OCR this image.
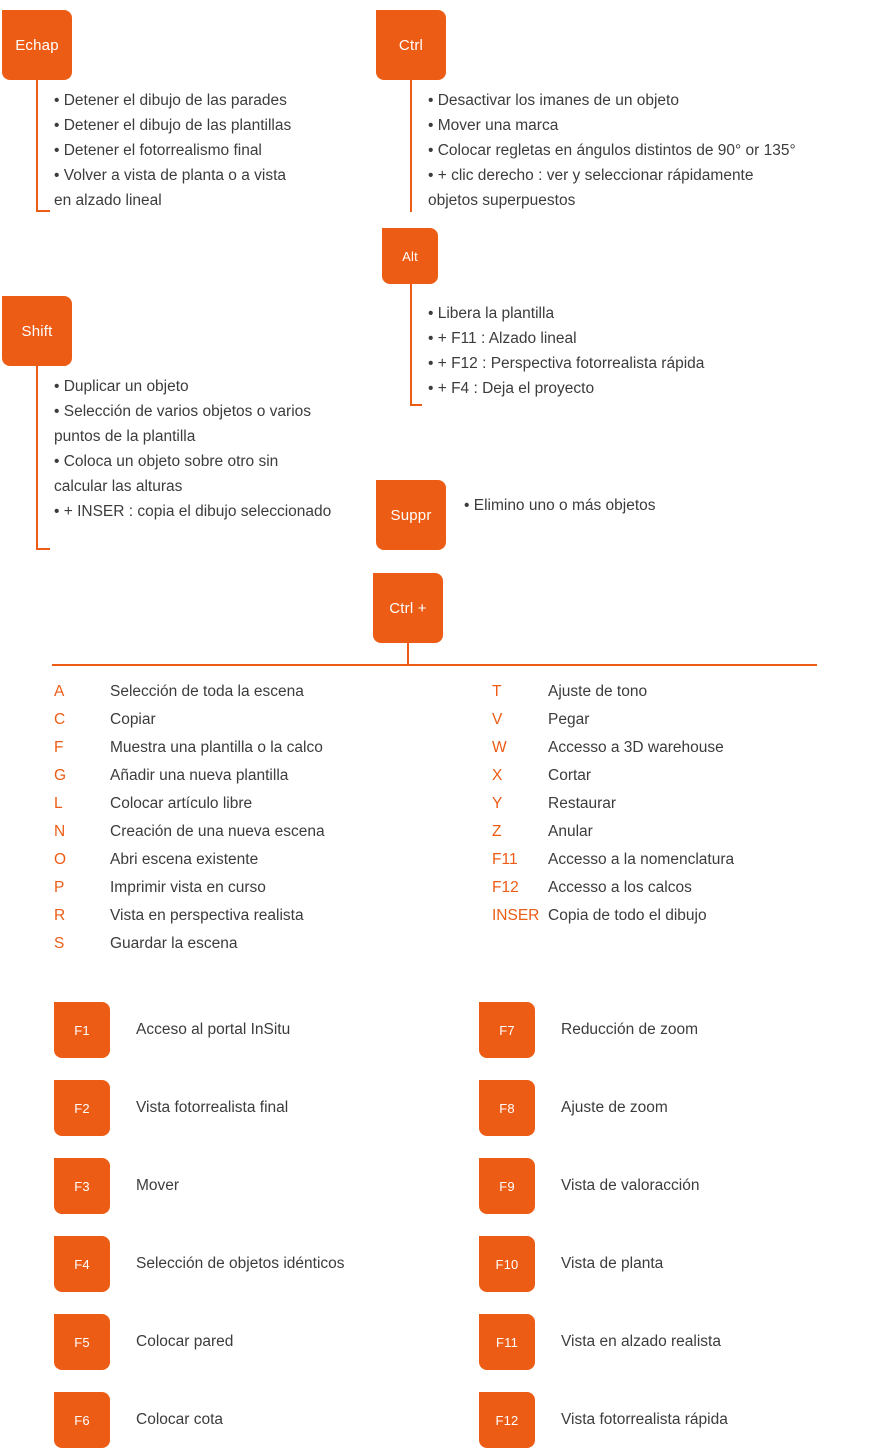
Echap
• Detener el dibujo de las parades
• Detener el dibujo de las plantillas
• Detener el fotorrealismo final
• Volver a vista de planta o a vista
en alzado lineal
Ctrl
• Desactivar los imanes de un objeto
• Mover una marca
• Colocar regletas en ángulos distintos de 90° or 135°
• + clic derecho : ver y seleccionar rápidamente
objetos superpuestos
Alt
• Libera la plantilla
• + F11 : Alzado lineal
• + F12 : Perspectiva fotorrealista rápida
• + F4 : Deja el proyecto
Shift
• Duplicar un objeto
• Selección de varios objetos o varios
puntos de la plantilla
• Coloca un objeto sobre otro sin
calcular las alturas
• + INSER : copia el dibujo seleccionado	Suppr
• Elimino uno o más objetos
Ctrl +
A	Selección de toda la escena
C	Copiar
F	Muestra una plantilla o la calco
G	Añadir una nueva plantilla
L	Colocar artículo libre
N	Creación de una nueva escena
O	Abri escena existente
P	Imprimir vista en curso
R	Vista en perspectiva realista
S	Guardar la escena
T	Ajuste de tono
V	Pegar
W	Accesso a 3D warehouse
X	Cortar
Y	Restaurar
Z	Anular
F11	Accesso a la nomenclatura
F12	Accesso a los calcos
INSER Copia de todo el dibujo
F1	Acceso al portal InSitu
F2	Vista fotorrealista final
F3	Mover
F4	Selección de objetos idénticos
F5	Colocar pared
F6	Colocar cota
F7	Reducción de zoom
F8	Ajuste de zoom
F9	Vista de valoracción
F10	Vista de planta
F11	Vista en alzado realista
F12	Vista fotorrealista rápida
